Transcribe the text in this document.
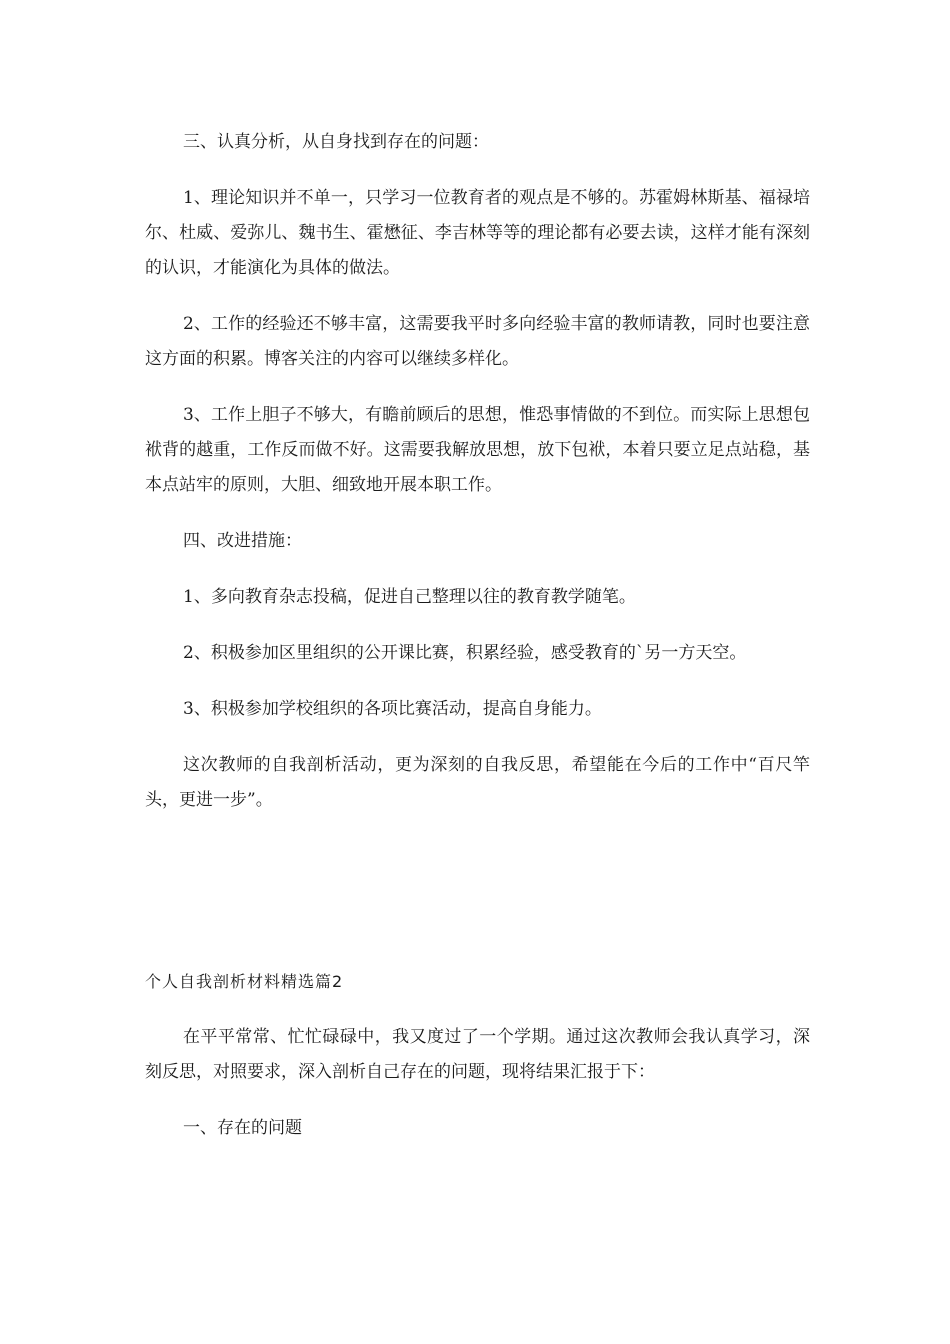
三、认真分析，从自身找到存在的问题：

1、理论知识并不单一，只学习一位教育者的观点是不够的。苏霍姆林斯基、福禄培尔、杜威、爱弥儿、魏书生、霍懋征、李吉林等等的理论都有必要去读，这样才能有深刻的认识，才能演化为具体的做法。

2、工作的经验还不够丰富，这需要我平时多向经验丰富的教师请教，同时也要注意这方面的积累。博客关注的内容可以继续多样化。

3、工作上胆子不够大，有瞻前顾后的思想，惟恐事情做的不到位。而实际上思想包袱背的越重，工作反而做不好。这需要我解放思想，放下包袱，本着只要立足点站稳，基本点站牢的原则，大胆、细致地开展本职工作。

四、改进措施：

1、多向教育杂志投稿，促进自己整理以往的教育教学随笔。

2、积极参加区里组织的公开课比赛，积累经验，感受教育的`另一方天空。

3、积极参加学校组织的各项比赛活动，提高自身能力。

这次教师的自我剖析活动，更为深刻的自我反思，希望能在今后的工作中“百尺竿头，更进一步”。

个人自我剖析材料精选篇2

在平平常常、忙忙碌碌中，我又度过了一个学期。通过这次教师会我认真学习，深刻反思，对照要求，深入剖析自己存在的问题，现将结果汇报于下：

一、存在的问题
